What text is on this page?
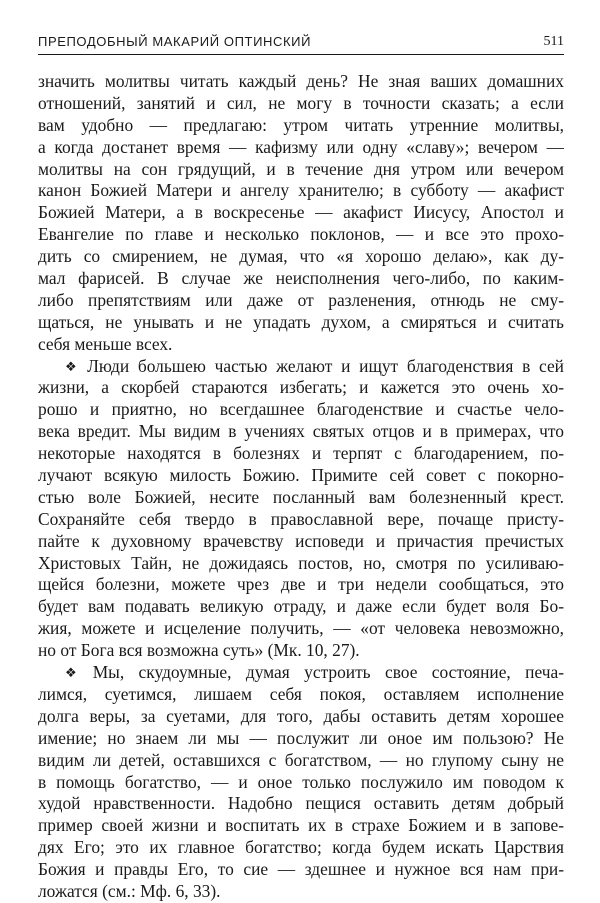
ПРЕПОДОБНЫЙ МАКАРИЙ ОПТИНСКИЙ	511
значить молитвы читать каждый день? Не зная ваших домашних
отношений, занятий и сил, не могу в точности сказать; а если
вам удобно — предлагаю: утром читать утренние молитвы,
а когда достанет время — кафизму или одну «славу»; вечером —
молитвы на сон грядущий, и в течение дня утром или вечером
канон Божией Матери и ангелу хранителю; в субботу — акафист
Божией Матери, а в воскресенье — акафист Иисусу, Апостол и
Евангелие по главе и несколько поклонов, — и все это прохо-
дить со смирением, не думая, что «я хорошо делаю», как ду-
мал фарисей. В случае же неисполнения чего-либо, по каким-
либо препятствиям или даже от разленения, отнюдь не сму-
щаться, не унывать и не упадать духом, а смиряться и считать
себя меньше всех.
❖ Люди большею частью желают и ищут благоденствия в сей
жизни, а скорбей стараются избегать; и кажется это очень хо-
рошо и приятно, но всегдашнее благоденствие и счастье чело-
века вредит. Мы видим в учениях святых отцов и в примерах, что
некоторые находятся в болезнях и терпят с благодарением, по-
лучают всякую милость Божию. Примите сей совет с покорно-
стью воле Божией, несите посланный вам болезненный крест.
Сохраняйте себя твердо в православной вере, почаще присту-
пайте к духовному врачевству исповеди и причастия пречистых
Христовых Тайн, не дожидаясь постов, но, смотря по усиливаю-
щейся болезни, можете чрез две и три недели сообщаться, это
будет вам подавать великую отраду, и даже если будет воля Бо-
жия, можете и исцеление получить, — «от человека невозможно,
но от Бога вся возможна суть» (Мк. 10, 27).
❖ Мы, скудоумные, думая устроить свое состояние, печа-
лимся, суетимся, лишаем себя покоя, оставляем исполнение
долга веры, за суетами, для того, дабы оставить детям хорошее
имение; но знаем ли мы — послужит ли оное им пользою? Не
видим ли детей, оставшихся с богатством, — но глупому сыну не
в помощь богатство, — и оное только послужило им поводом к
худой нравственности. Надобно пещися оставить детям добрый
пример своей жизни и воспитать их в страхе Божием и в запове-
дях Его; это их главное богатство; когда будем искать Царствия
Божия и правды Его, то сие — здешнее и нужное вся нам при-
ложатся (см.: Мф. 6, 33).
